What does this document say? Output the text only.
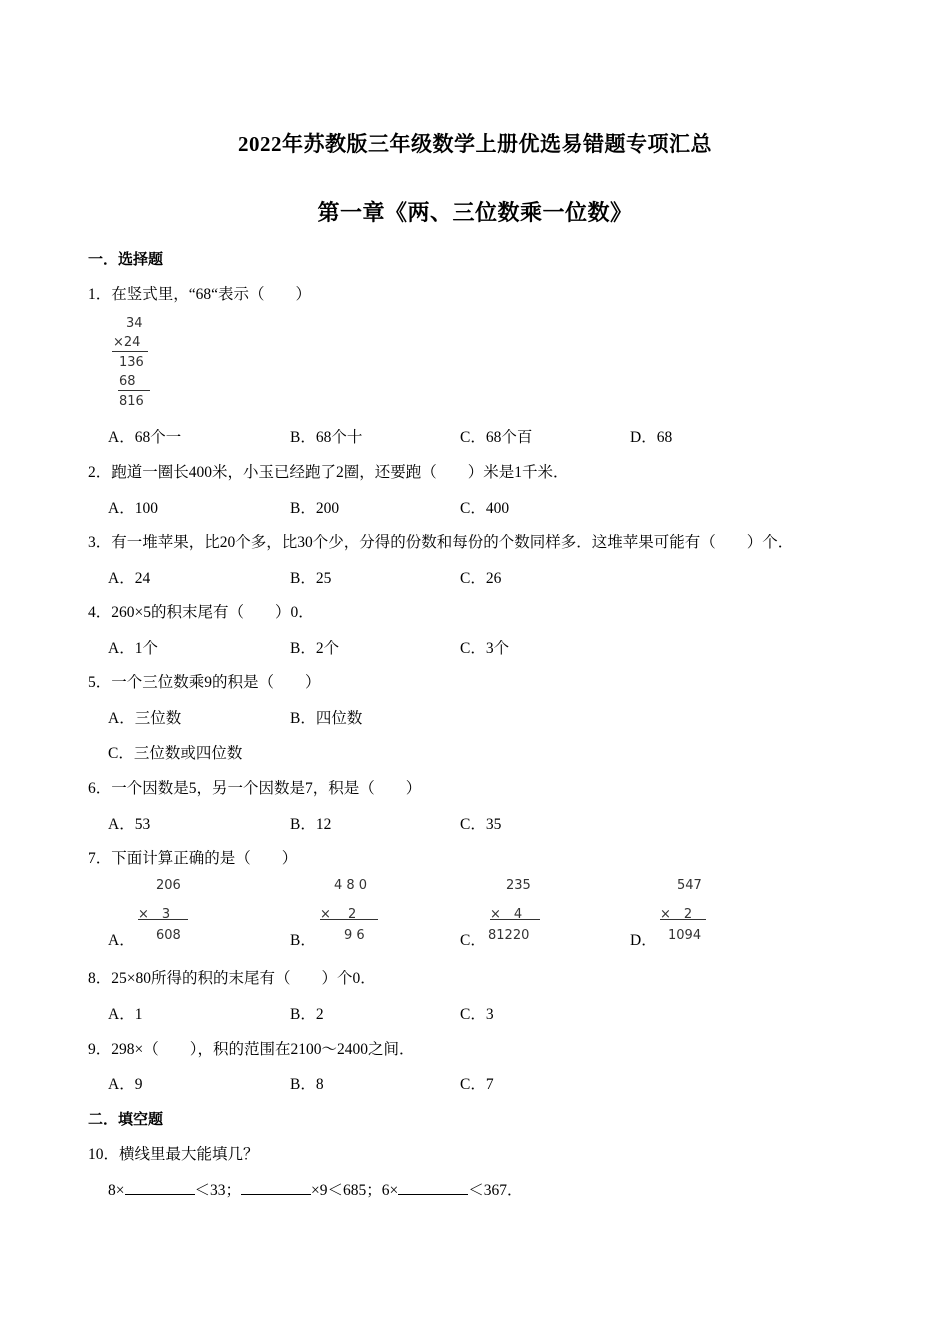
2022年苏教版三年级数学上册优选易错题专项汇总
第一章《两、三位数乘一位数》
一．选择题
1．在竖式里，“68“表示（　　）
34
×24
136
68
816
A．68个一	B．68个十	C．68个百	D．68
2．跑道一圈长400米，小玉已经跑了2圈，还要跑（　　）米是1千米．
A．100	B．200	C．400
3．有一堆苹果，比20个多，比30个少，分得的份数和每份的个数同样多．这堆苹果可能有（　　）个．
A．24	B．25	C．26
4．260×5的积末尾有（　　）0．
A．1个	B．2个	C．3个
5．一个三位数乘9的积是（　　）
A．三位数	B．四位数
C．三位数或四位数
6．一个因数是5，另一个因数是7，积是（　　）
A．53	B．12	C．35
7．下面计算正确的是（　　）
A．
206
×　3
608	B．
4 8 0
×　 2
9 6	C．
235
×　4
81220	D．
547
×　2
1094
8．25×80所得的积的末尾有（　　）个0．
A．1	B．2	C．3
9．298×（　　），积的范围在2100～2400之间．
A．9	B．8	C．7
二．填空题
10．横线里最大能填几？
8×	＜33；	×9＜685；6×	＜367．
